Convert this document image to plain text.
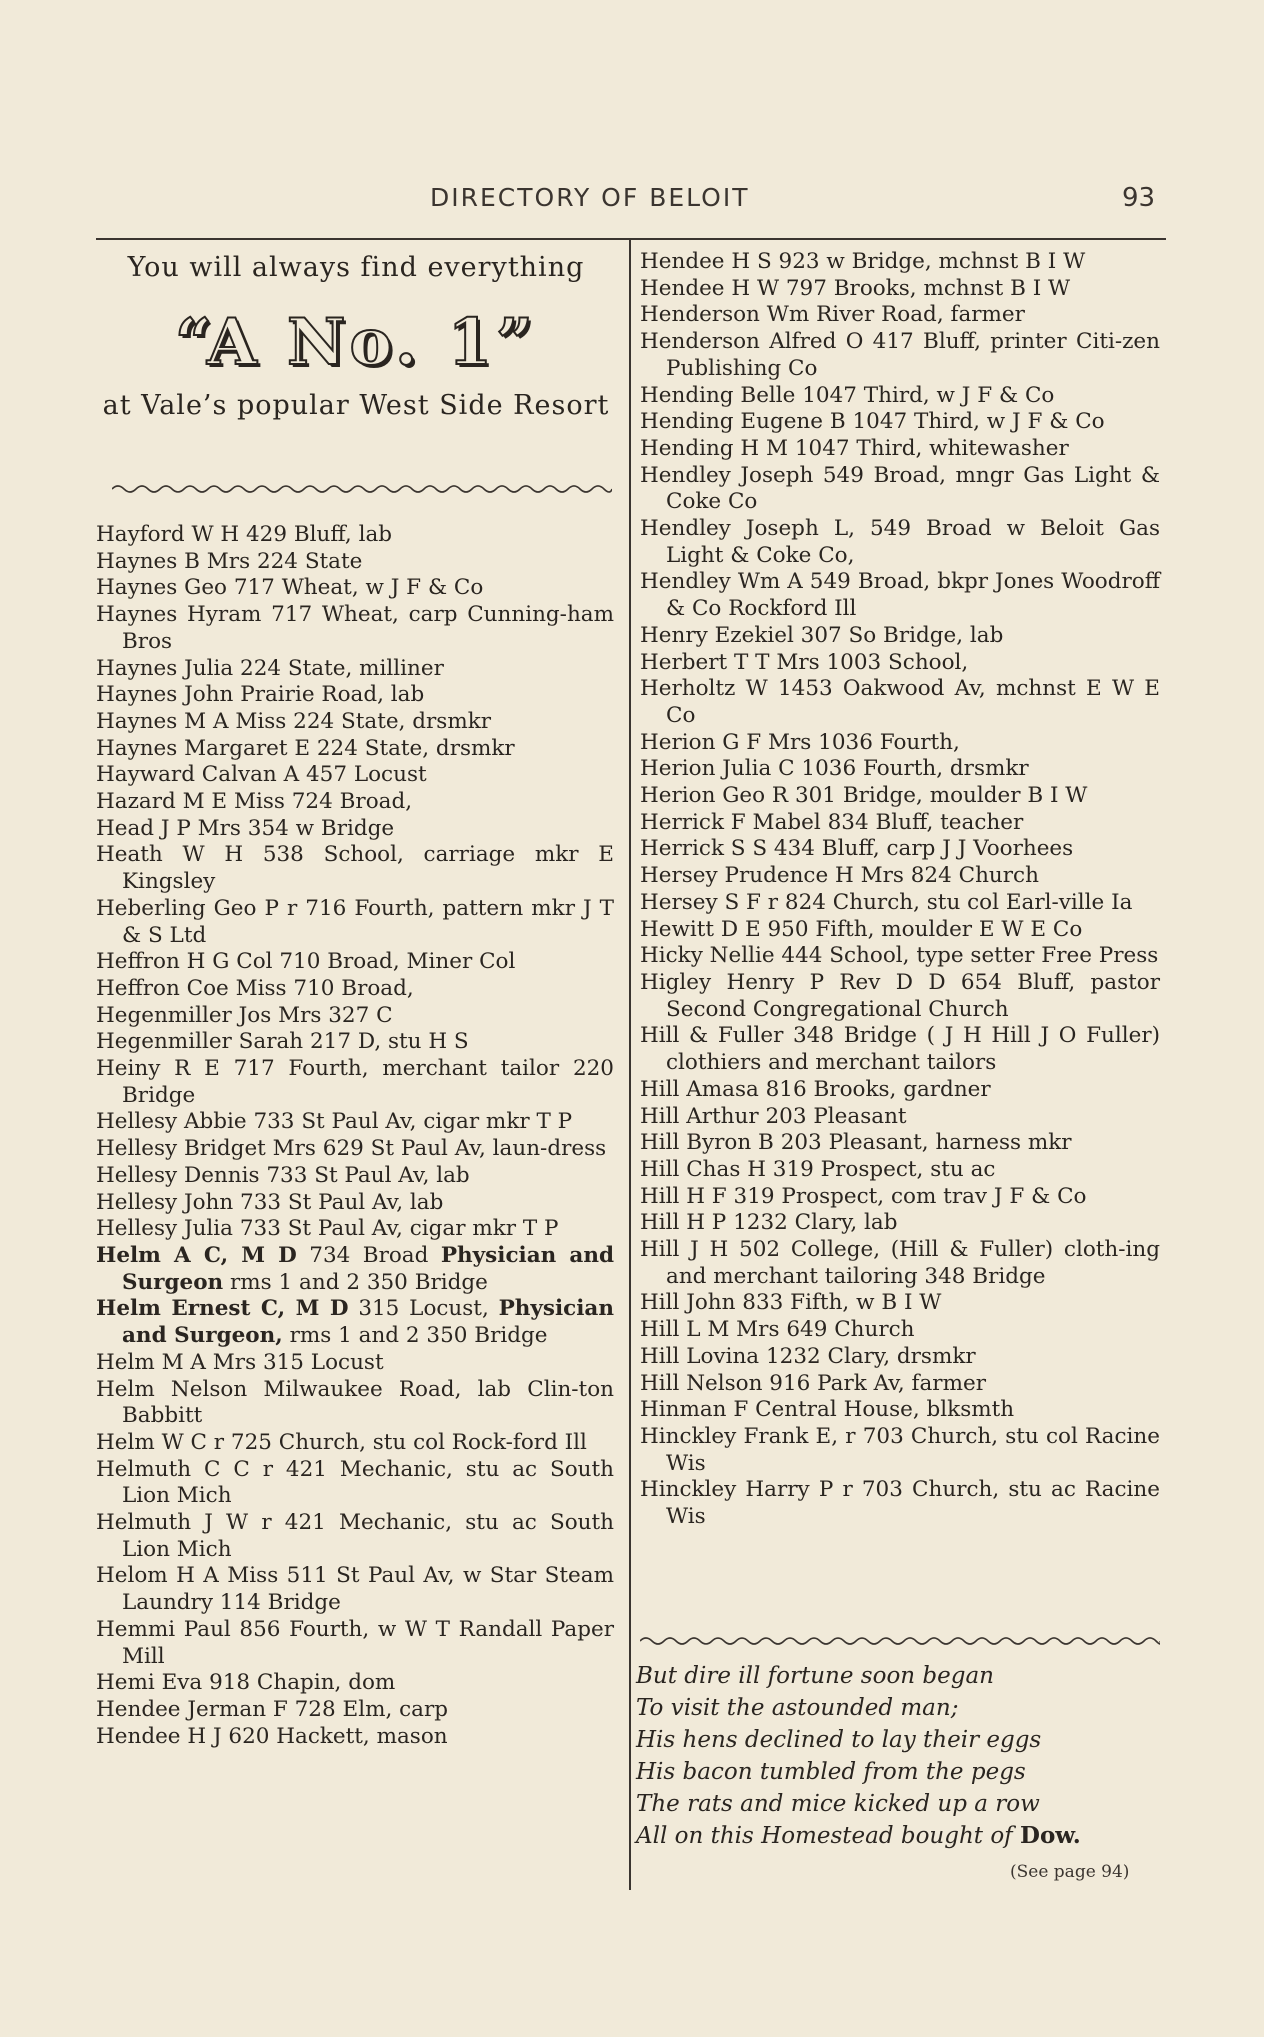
DIRECTORY OF BELOIT	93
You will always find everything
“A No. 1”
at Vale’s popular West Side Resort
Hayford W H 429 Bluff, lab
Haynes B Mrs 224 State
Haynes Geo 717 Wheat, w J F & Co
Haynes Hyram 717 Wheat, carp Cunning-ham Bros
Haynes Julia 224 State, milliner
Haynes John Prairie Road, lab
Haynes M A Miss 224 State, drsmkr
Haynes Margaret E 224 State, drsmkr
Hayward Calvan A 457 Locust
Hazard M E Miss 724 Broad,
Head J P Mrs 354 w Bridge
Heath W H 538 School, carriage mkr E Kingsley
Heberling Geo P r 716 Fourth, pattern mkr J T & S Ltd
Heffron H G Col 710 Broad, Miner Col
Heffron Coe Miss 710 Broad,
Hegenmiller Jos Mrs 327 C
Hegenmiller Sarah 217 D, stu H S
Heiny R E 717 Fourth, merchant tailor 220 Bridge
Hellesy Abbie 733 St Paul Av, cigar mkr T P
Hellesy Bridget Mrs 629 St Paul Av, laun-dress
Hellesy Dennis 733 St Paul Av, lab
Hellesy John 733 St Paul Av, lab
Hellesy Julia 733 St Paul Av, cigar mkr T P
Helm A C, M D 734 Broad Physician and Surgeon rms 1 and 2 350 Bridge
Helm Ernest C, M D 315 Locust, Physician and Surgeon, rms 1 and 2 350 Bridge
Helm M A Mrs 315 Locust
Helm Nelson Milwaukee Road, lab Clin-ton Babbitt
Helm W C r 725 Church, stu col Rock-ford Ill
Helmuth C C r 421 Mechanic, stu ac South Lion Mich
Helmuth J W r 421 Mechanic, stu ac South Lion Mich
Helom H A Miss 511 St Paul Av, w Star Steam Laundry 114 Bridge
Hemmi Paul 856 Fourth, w W T Randall Paper Mill
Hemi Eva 918 Chapin, dom
Hendee Jerman F 728 Elm, carp
Hendee H J 620 Hackett, mason
Hendee H S 923 w Bridge, mchnst B I W
Hendee H W 797 Brooks, mchnst B I W
Henderson Wm River Road, farmer
Henderson Alfred O 417 Bluff, printer Citi-zen Publishing Co
Hending Belle 1047 Third, w J F & Co
Hending Eugene B 1047 Third, w J F & Co
Hending H M 1047 Third, whitewasher
Hendley Joseph 549 Broad, mngr Gas Light & Coke Co
Hendley Joseph L, 549 Broad w Beloit Gas Light & Coke Co,
Hendley Wm A 549 Broad, bkpr Jones Woodroff & Co Rockford Ill
Henry Ezekiel 307 So Bridge, lab
Herbert T T Mrs 1003 School,
Herholtz W 1453 Oakwood Av, mchnst E W E Co
Herion G F Mrs 1036 Fourth,
Herion Julia C 1036 Fourth, drsmkr
Herion Geo R 301 Bridge, moulder B I W
Herrick F Mabel 834 Bluff, teacher
Herrick S S 434 Bluff, carp J J Voorhees
Hersey Prudence H Mrs 824 Church
Hersey S F r 824 Church, stu col Earl-ville Ia
Hewitt D E 950 Fifth, moulder E W E Co
Hicky Nellie 444 School, type setter Free Press
Higley Henry P Rev D D 654 Bluff, pastor Second Congregational Church
Hill & Fuller 348 Bridge ( J H Hill J O Fuller) clothiers and merchant tailors
Hill Amasa 816 Brooks, gardner
Hill Arthur 203 Pleasant
Hill Byron B 203 Pleasant, harness mkr
Hill Chas H 319 Prospect, stu ac
Hill H F 319 Prospect, com trav J F & Co
Hill H P 1232 Clary, lab
Hill J H 502 College, (Hill & Fuller) cloth-ing and merchant tailoring 348 Bridge
Hill John 833 Fifth, w B I W
Hill L M Mrs 649 Church
Hill Lovina 1232 Clary, drsmkr
Hill Nelson 916 Park Av, farmer
Hinman F Central House, blksmth
Hinckley Frank E, r 703 Church, stu col Racine Wis
Hinckley Harry P r 703 Church, stu ac Racine Wis
But dire ill fortune soon began
To visit the astounded man;
His hens declined to lay their eggs
His bacon tumbled from the pegs
The rats and mice kicked up a row
All on this Homestead bought of Dow.
(See page 94)
